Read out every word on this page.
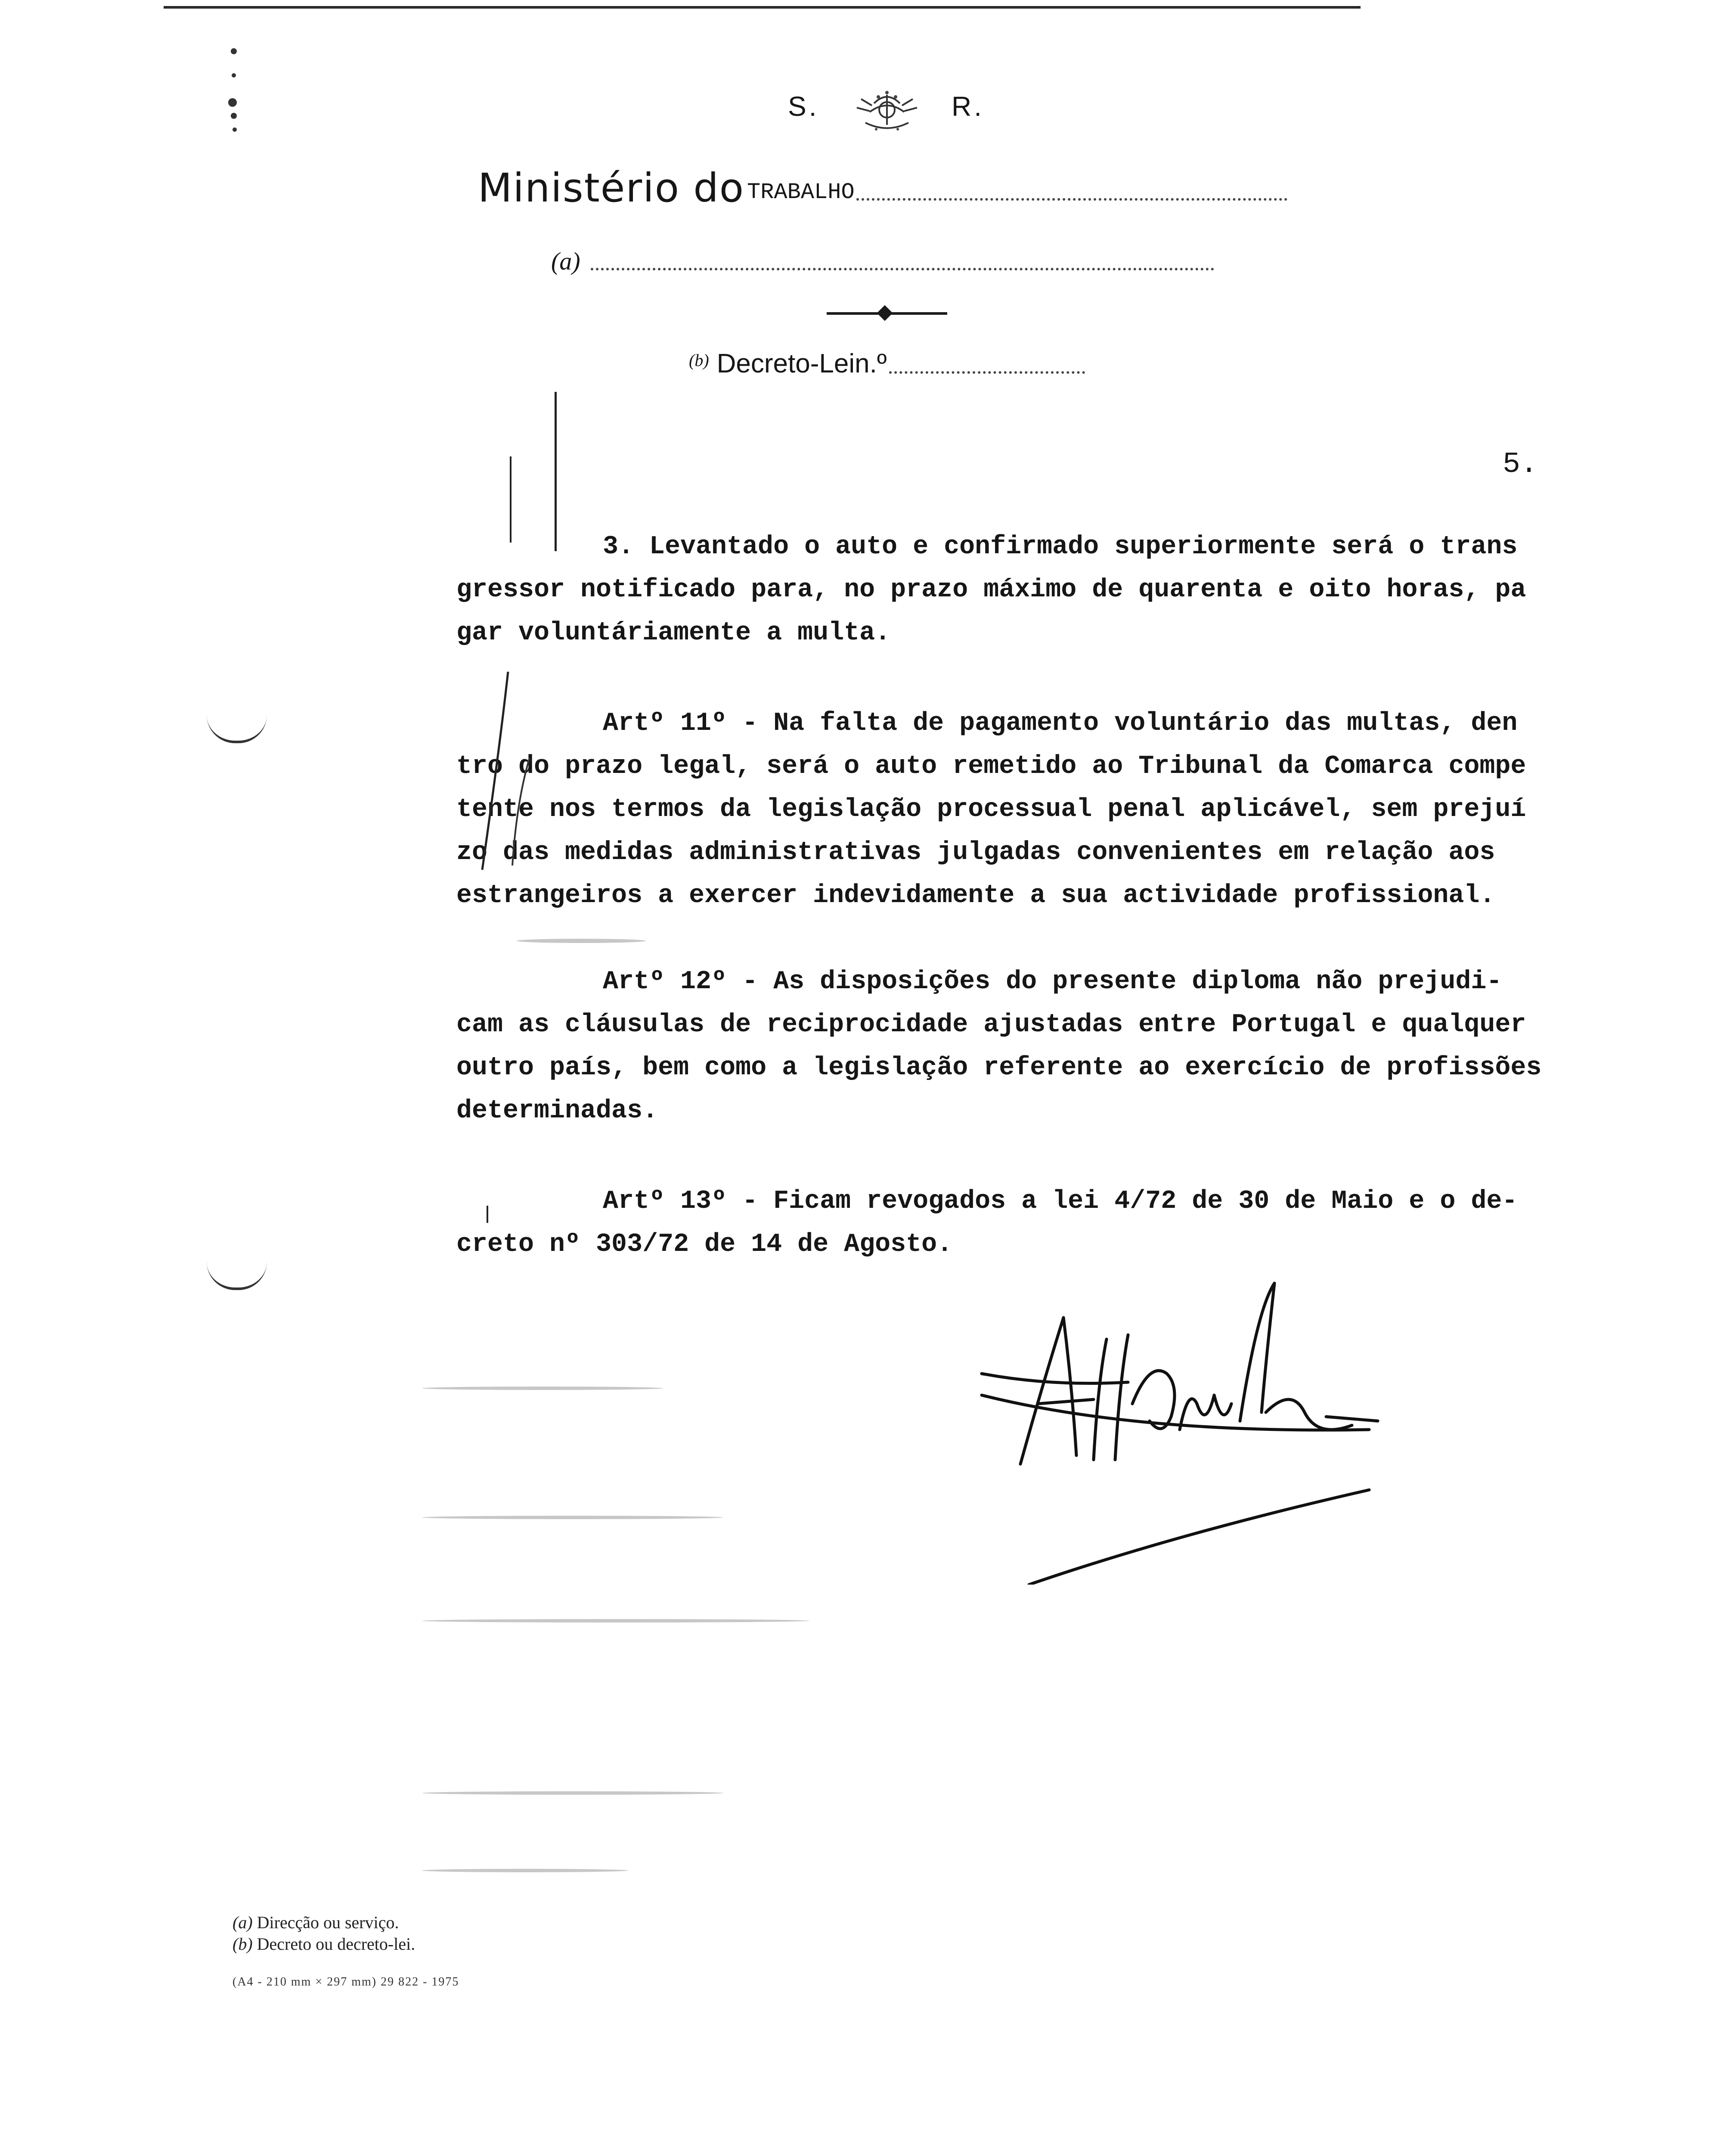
S.	R.
Ministério do TRABALHO
(a)
(b) Decreto-Lein.º
5.
3. Levantado o auto e confirmado superiormente será o trans
gressor notificado para, no prazo máximo de quarenta e oito horas, pa
gar voluntáriamente a multa.
Artº 11º - Na falta de pagamento voluntário das multas, den
tro do prazo legal, será o auto remetido ao Tribunal da Comarca compe
tente nos termos da legislação processual penal aplicável, sem prejuí
zo das medidas administrativas julgadas convenientes em relação aos
estrangeiros a exercer indevidamente a sua actividade profissional.
Artº 12º - As disposições do presente diploma não prejudi-
cam as cláusulas de reciprocidade ajustadas entre Portugal e qualquer
outro país, bem como a legislação referente ao exercício de profissões
determinadas.
Artº 13º - Ficam revogados a lei 4/72 de 30 de Maio e o de-
creto nº 303/72 de 14 de Agosto.
(a) Direcção ou serviço.
(b) Decreto ou decreto-lei.
(A4 - 210 mm × 297 mm) 29 822 - 1975
